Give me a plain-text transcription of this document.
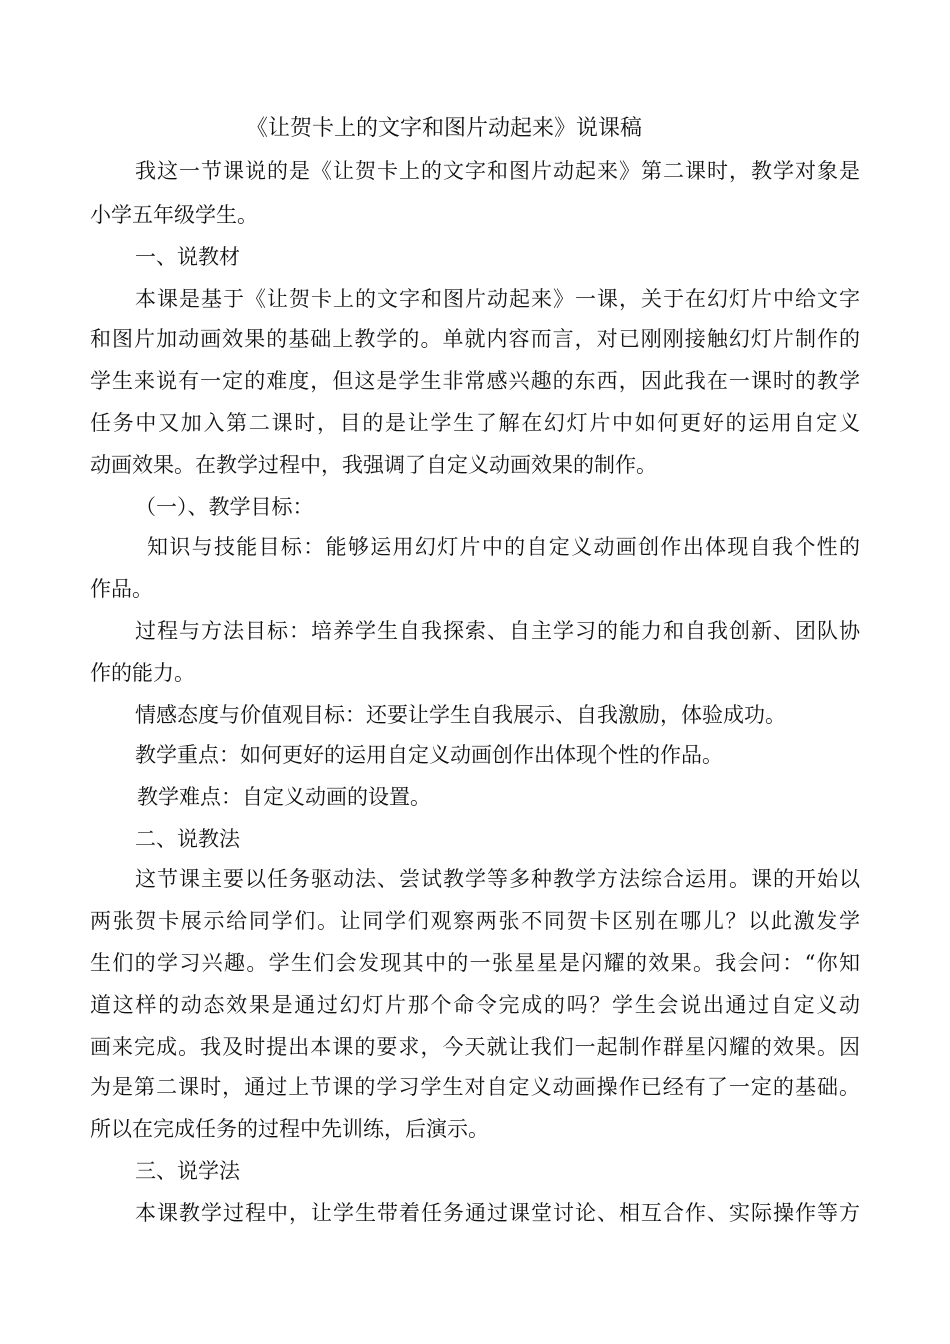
《让贺卡上的文字和图片动起来》说课稿
我这一节课说的是《让贺卡上的文字和图片动起来》第二课时，教学对象是
小学五年级学生。
一、说教材
本课是基于《让贺卡上的文字和图片动起来》一课，关于在幻灯片中给文字
和图片加动画效果的基础上教学的。单就内容而言，对已刚刚接触幻灯片制作的
学生来说有一定的难度，但这是学生非常感兴趣的东西，因此我在一课时的教学
任务中又加入第二课时，目的是让学生了解在幻灯片中如何更好的运用自定义
动画效果。在教学过程中，我强调了自定义动画效果的制作。
（一）、教学目标：
知识与技能目标：能够运用幻灯片中的自定义动画创作出体现自我个性的
作品。
过程与方法目标：培养学生自我探索、自主学习的能力和自我创新、团队协
作的能力。
情感态度与价值观目标：还要让学生自我展示、自我激励，体验成功。
教学重点：如何更好的运用自定义动画创作出体现个性的作品。
教学难点：自定义动画的设置。
二、说教法
这节课主要以任务驱动法、尝试教学等多种教学方法综合运用。课的开始以
两张贺卡展示给同学们。让同学们观察两张不同贺卡区别在哪儿？以此激发学
生们的学习兴趣。学生们会发现其中的一张星星是闪耀的效果。我会问：“你知
道这样的动态效果是通过幻灯片那个命令完成的吗？学生会说出通过自定义动
画来完成。我及时提出本课的要求，今天就让我们一起制作群星闪耀的效果。因
为是第二课时，通过上节课的学习学生对自定义动画操作已经有了一定的基础。
所以在完成任务的过程中先训练，后演示。
三、说学法
本课教学过程中，让学生带着任务通过课堂讨论、相互合作、实际操作等方
